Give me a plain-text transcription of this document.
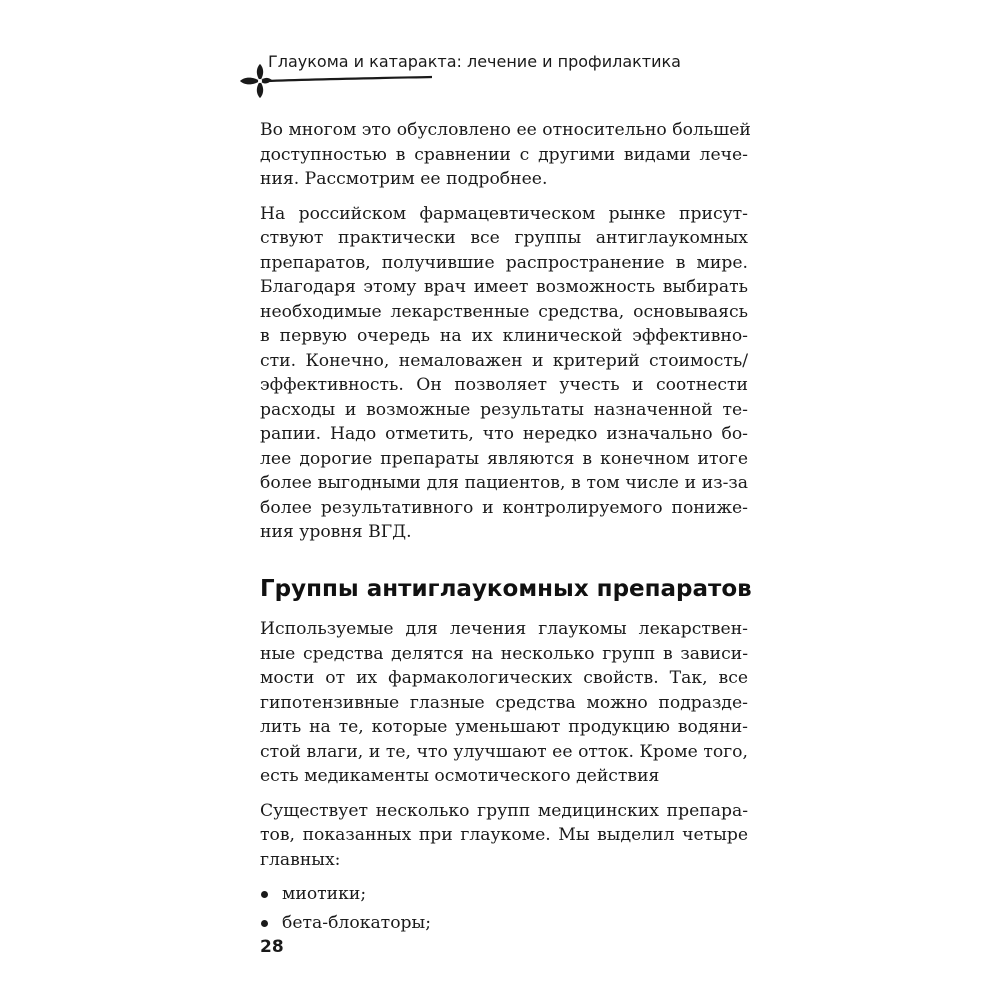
Глаукома и катаракта: лечение и профилактика

Во многом это обусловлено ее относительно большей
доступностью в сравнении с другими видами лече-
ния. Рассмотрим ее подробнее.

На российском фармацевтическом рынке присут-
ствуют практически все группы антиглаукомных
препаратов, получившие распространение в мире.
Благодаря этому врач имеет возможность выбирать
необходимые лекарственные средства, основываясь
в первую очередь на их клинической эффективно-
сти. Конечно, немаловажен и критерий стоимость/
эффективность. Он позволяет учесть и соотнести
расходы и возможные результаты назначенной те-
рапии. Надо отметить, что нередко изначально бо-
лее дорогие препараты являются в конечном итоге
более выгодными для пациентов, в том числе и из-за
более результативного и контролируемого пониже-
ния уровня ВГД.

Группы антиглаукомных препаратов

Используемые для лечения глаукомы лекарствен-
ные средства делятся на несколько групп в зависи-
мости от их фармакологических свойств. Так, все
гипотензивные глазные средства можно подразде-
лить на те, которые уменьшают продукцию водяни-
стой влаги, и те, что улучшают ее отток. Кроме того,
есть медикаменты осмотического действия

Существует несколько групп медицинских препара-
тов, показанных при глаукоме. Мы выделил четыре
главных:

миотики;
бета-блокаторы;
28
